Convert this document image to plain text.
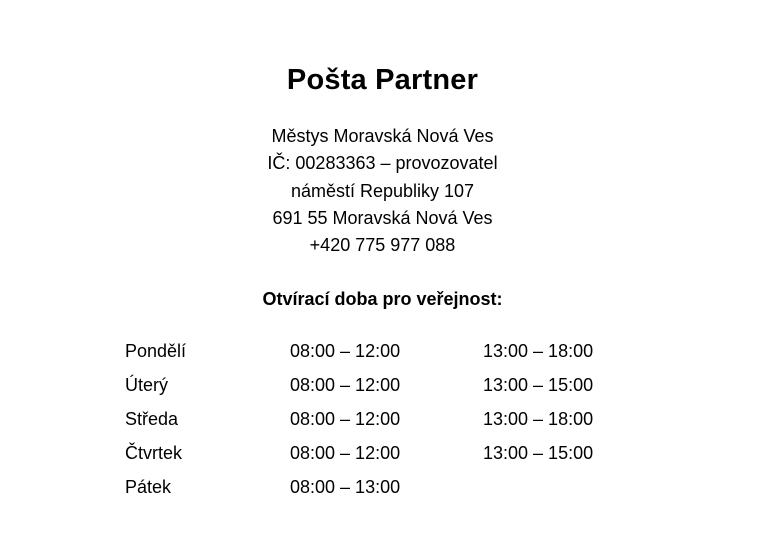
Pošta Partner
Městys Moravská Nová Ves
IČ: 00283363 – provozovatel
náměstí Republiky 107
691 55 Moravská Nová Ves
+420 775 977 088
Otvírací doba pro veřejnost:
Pondělí	08:00 – 12:00	13:00 – 18:00
Úterý	08:00 – 12:00	13:00 – 15:00
Středa	08:00 – 12:00	13:00 – 18:00
Čtvrtek	08:00 – 12:00	13:00 – 15:00
Pátek	08:00 – 13:00	
